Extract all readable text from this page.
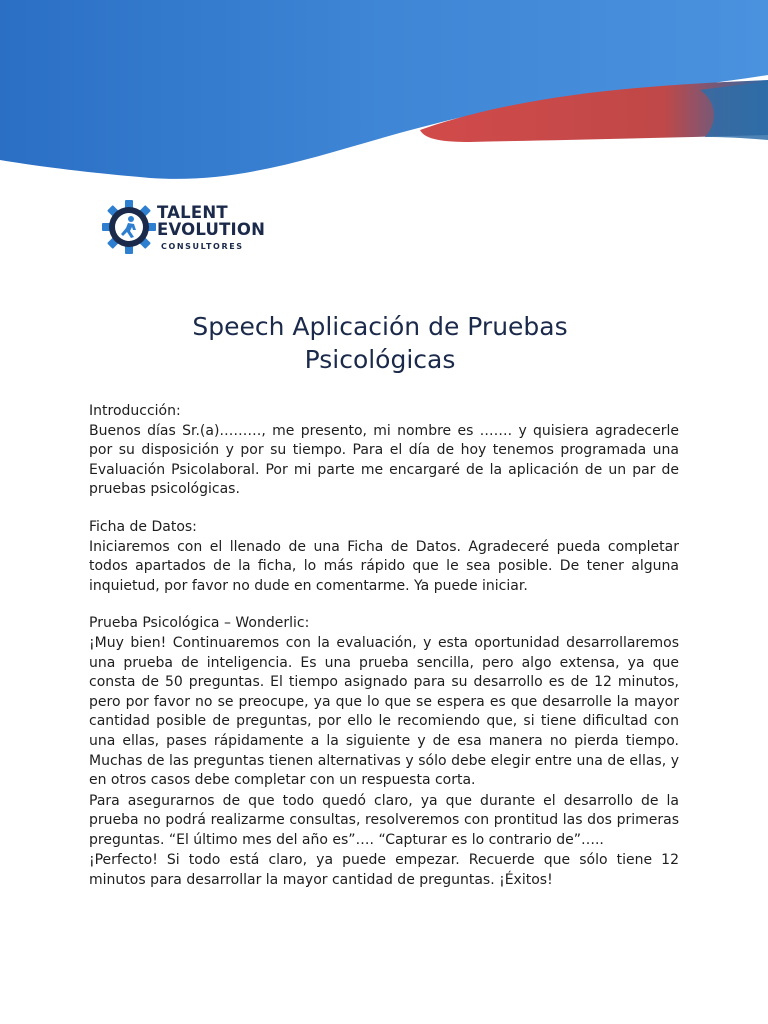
TALENT
EVOLUTION
CONSULTORES
Speech Aplicación de Pruebas
Psicológicas
Introducción:

Buenos días Sr.(a)………, me presento, mi nombre es ……. y quisiera agradecerle por su disposición y por su tiempo. Para el día de hoy tenemos programada una Evaluación Psicolaboral. Por mi parte me encargaré de la aplicación de un par de pruebas psicológicas.

Ficha de Datos:

Iniciaremos con el llenado de una Ficha de Datos. Agradeceré pueda completar todos apartados de la ficha, lo más rápido que le sea posible. De tener alguna inquietud, por favor no dude en comentarme. Ya puede iniciar.

Prueba Psicológica – Wonderlic:

¡Muy bien! Continuaremos con la evaluación, y esta oportunidad desarrollaremos una prueba de inteligencia. Es una prueba sencilla, pero algo extensa, ya que consta de 50 preguntas. El tiempo asignado para su desarrollo es de 12 minutos, pero por favor no se preocupe, ya que lo que se espera es que desarrolle la mayor cantidad posible de preguntas, por ello le recomiendo que, si tiene dificultad con una ellas, pases rápidamente a la siguiente y de esa manera no pierda tiempo. Muchas de las preguntas tienen alternativas y sólo debe elegir entre una de ellas, y en otros casos debe completar con un respuesta corta.

Para asegurarnos de que todo quedó claro, ya que durante el desarrollo de la prueba no podrá realizarme consultas, resolveremos con prontitud las dos primeras preguntas. “El último mes del año es”…. “Capturar es lo contrario de”…..

¡Perfecto! Si todo está claro, ya puede empezar. Recuerde que sólo tiene 12 minutos para desarrollar la mayor cantidad de preguntas. ¡Éxitos!
